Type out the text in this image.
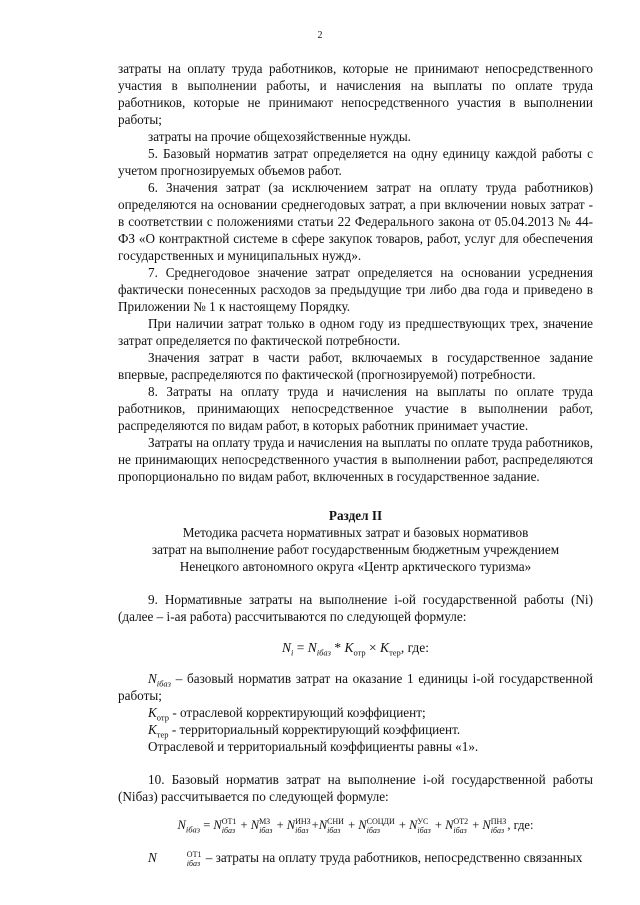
2

затраты на оплату труда работников, которые не принимают непосредственного участия в выполнении работы, и начисления на выплаты по оплате труда работников, которые не принимают непосредственного участия в выполнении работы;

затраты на прочие общехозяйственные нужды.

5. Базовый норматив затрат определяется на одну единицу каждой работы с учетом прогнозируемых объемов работ.

6. Значения затрат (за исключением затрат на оплату труда работников) определяются на основании среднегодовых затрат, а при включении новых затрат - в соответствии с положениями статьи 22 Федерального закона от 05.04.2013 № 44-ФЗ «О контрактной системе в сфере закупок товаров, работ, услуг для обеспечения государственных и муниципальных нужд».

7. Среднегодовое значение затрат определяется на основании усреднения фактически понесенных расходов за предыдущие три либо два года и приведено в Приложении № 1 к настоящему Порядку.

При наличии затрат только в одном году из предшествующих трех, значение затрат определяется по фактической потребности.

Значения затрат в части работ, включаемых в государственное задание впервые, распределяются по фактической (прогнозируемой) потребности.

8. Затраты на оплату труда и начисления на выплаты по оплате труда работников, принимающих непосредственное участие в выполнении работ, распределяются по видам работ, в которых работник принимает участие.

Затраты на оплату труда и начисления на выплаты по оплате труда работников, не принимающих непосредственного участия в выполнении работ, распределяются пропорционально по видам работ, включенных в государственное задание.

Раздел II

Методика расчета нормативных затрат и базовых нормативов

затрат на выполнение работ государственным бюджетным учреждением

Ненецкого автономного округа «Центр арктического туризма»

9. Нормативные затраты на выполнение i-ой государственной работы (Ni) (далее – i-ая работа) рассчитываются по следующей формуле:

$N_i = N_{iбаз} * K_{отр} \times K_{тер}$, где:

$N_{iбаз}$ – базовый норматив затрат на оказание 1 единицы i-ой государственной работы;

$K_{отр}$ - отраслевой корректирующий коэффициент;

$K_{тер}$ - территориальный корректирующий коэффициент.

Отраслевой и территориальный коэффициенты равны «1».

10. Базовый норматив затрат на выполнение i-ой государственной работы (Niбаз) рассчитывается по следующей формуле:

$N_{iбаз} = N$ ОТ1
iбаз + N МЗ
iбаз + N ИНЗ
iбаз +N СНИ
iбаз + N СОЦДИ
iбаз	+ N УС
iбаз + N ОТ2
iбаз + N ПНЗ
iбаз , где:

N	ОТ1
iбаз – затраты на оплату труда работников, непосредственно связанных
